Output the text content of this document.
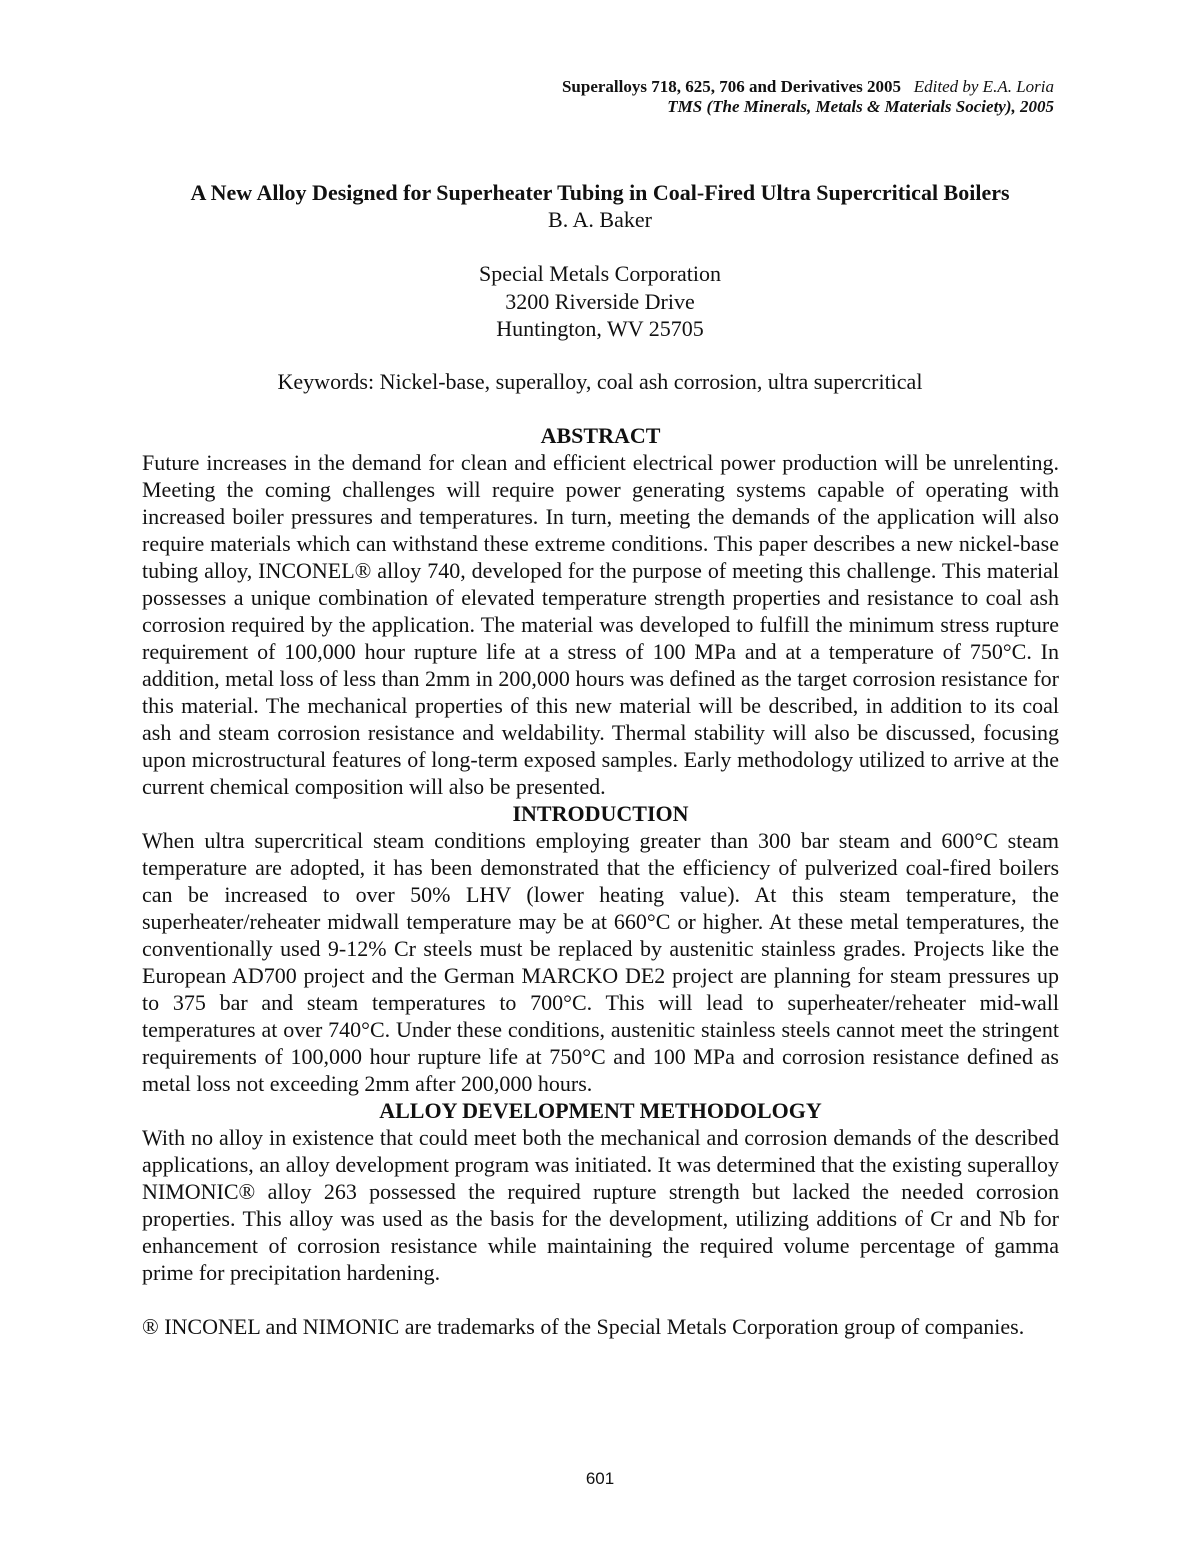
Superalloys 718, 625, 706 and Derivatives 2005 Edited by E.A. Loria
TMS (The Minerals, Metals & Materials Society), 2005
A New Alloy Designed for Superheater Tubing in Coal-Fired Ultra Supercritical Boilers
B. A. Baker
Special Metals Corporation
3200 Riverside Drive
Huntington, WV 25705
Keywords: Nickel-base, superalloy, coal ash corrosion, ultra supercritical
ABSTRACT

Future increases in the demand for clean and efficient electrical power production will be unrelenting. Meeting the coming challenges will require power generating systems capable of operating with increased boiler pressures and temperatures. In turn, meeting the demands of the application will also require materials which can withstand these extreme conditions. This paper describes a new nickel-base tubing alloy, INCONEL® alloy 740, developed for the purpose of meeting this challenge. This material possesses a unique combination of elevated temperature strength properties and resistance to coal ash corrosion required by the application. The material was developed to fulfill the minimum stress rupture requirement of 100,000 hour rupture life at a stress of 100 MPa and at a temperature of 750°C. In addition, metal loss of less than 2mm in 200,000 hours was defined as the target corrosion resistance for this material. The mechanical properties of this new material will be described, in addition to its coal ash and steam corrosion resistance and weldability. Thermal stability will also be discussed, focusing upon microstructural features of long-term exposed samples. Early methodology utilized to arrive at the current chemical composition will also be presented.

INTRODUCTION

When ultra supercritical steam conditions employing greater than 300 bar steam and 600°C steam temperature are adopted, it has been demonstrated that the efficiency of pulverized coal-fired boilers can be increased to over 50% LHV (lower heating value). At this steam temperature, the superheater/reheater midwall temperature may be at 660°C or higher. At these metal temperatures, the conventionally used 9-12% Cr steels must be replaced by austenitic stainless grades. Projects like the European AD700 project and the German MARCKO DE2 project are planning for steam pressures up to 375 bar and steam temperatures to 700°C. This will lead to superheater/reheater mid-wall temperatures at over 740°C. Under these conditions, austenitic stainless steels cannot meet the stringent requirements of 100,000 hour rupture life at 750°C and 100 MPa and corrosion resistance defined as metal loss not exceeding 2mm after 200,000 hours.

ALLOY DEVELOPMENT METHODOLOGY

With no alloy in existence that could meet both the mechanical and corrosion demands of the described applications, an alloy development program was initiated. It was determined that the existing superalloy NIMONIC® alloy 263 possessed the required rupture strength but lacked the needed corrosion properties. This alloy was used as the basis for the development, utilizing additions of Cr and Nb for enhancement of corrosion resistance while maintaining the required volume percentage of gamma prime for precipitation hardening.

® INCONEL and NIMONIC are trademarks of the Special Metals Corporation group of companies.

601
